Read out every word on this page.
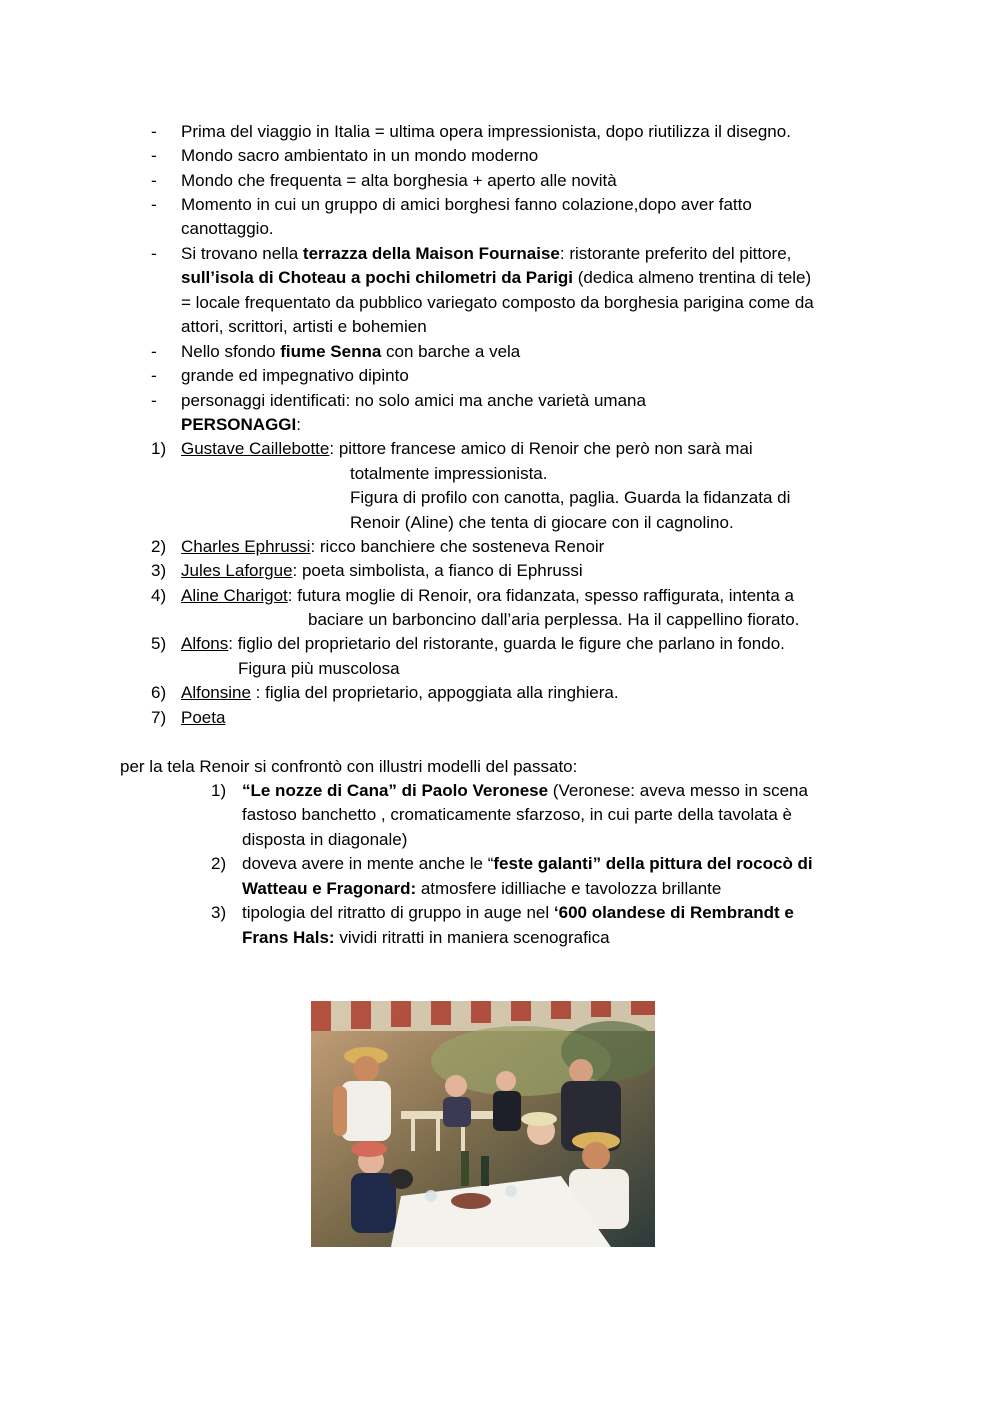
- Prima del viaggio in Italia = ultima opera impressionista, dopo riutilizza il disegno.
- Mondo sacro ambientato in un mondo moderno
- Mondo che frequenta = alta borghesia + aperto alle novità
- Momento in cui un gruppo di amici borghesi fanno colazione,dopo aver fatto
canottaggio.
- Si trovano nella terrazza della Maison Fournaise: ristorante preferito del pittore,
sull’isola di Choteau a pochi chilometri da Parigi (dedica almeno trentina di tele)
= locale frequentato da pubblico variegato composto da borghesia parigina come da
attori, scrittori, artisti e bohemien
- Nello sfondo fiume Senna con barche a vela
- grande ed impegnativo dipinto
- personaggi identificati: no solo amici ma anche varietà umana
PERSONAGGI:
1) Gustave Caillebotte: pittore francese amico di Renoir che però non sarà mai
totalmente impressionista.
Figura di profilo con canotta, paglia. Guarda la fidanzata di
Renoir (Aline) che tenta di giocare con il cagnolino.
2) Charles Ephrussi: ricco banchiere che sosteneva Renoir
3) Jules Laforgue: poeta simbolista, a fianco di Ephrussi
4) Aline Charigot: futura moglie di Renoir, ora fidanzata, spesso raffigurata, intenta a
baciare un barboncino dall’aria perplessa. Ha il cappellino fiorato.
5) Alfons: figlio del proprietario del ristorante, guarda le figure che parlano in fondo.
Figura più muscolosa
6) Alfonsine : figlia del proprietario, appoggiata alla ringhiera.
7) Poeta
per la tela Renoir si confrontò con illustri modelli del passato:
1) “Le nozze di Cana” di Paolo Veronese (Veronese: aveva messo in scena
fastoso banchetto , cromaticamente sfarzoso, in cui parte della tavolata è
disposta in diagonale)
2) doveva avere in mente anche le “feste galanti” della pittura del rococò di
Watteau e Fragonard: atmosfere idilliache e tavolozza brillante
3) tipologia del ritratto di gruppo in auge nel ‘600 olandese di Rembrandt e
Frans Hals: vividi ritratti in maniera scenografica
